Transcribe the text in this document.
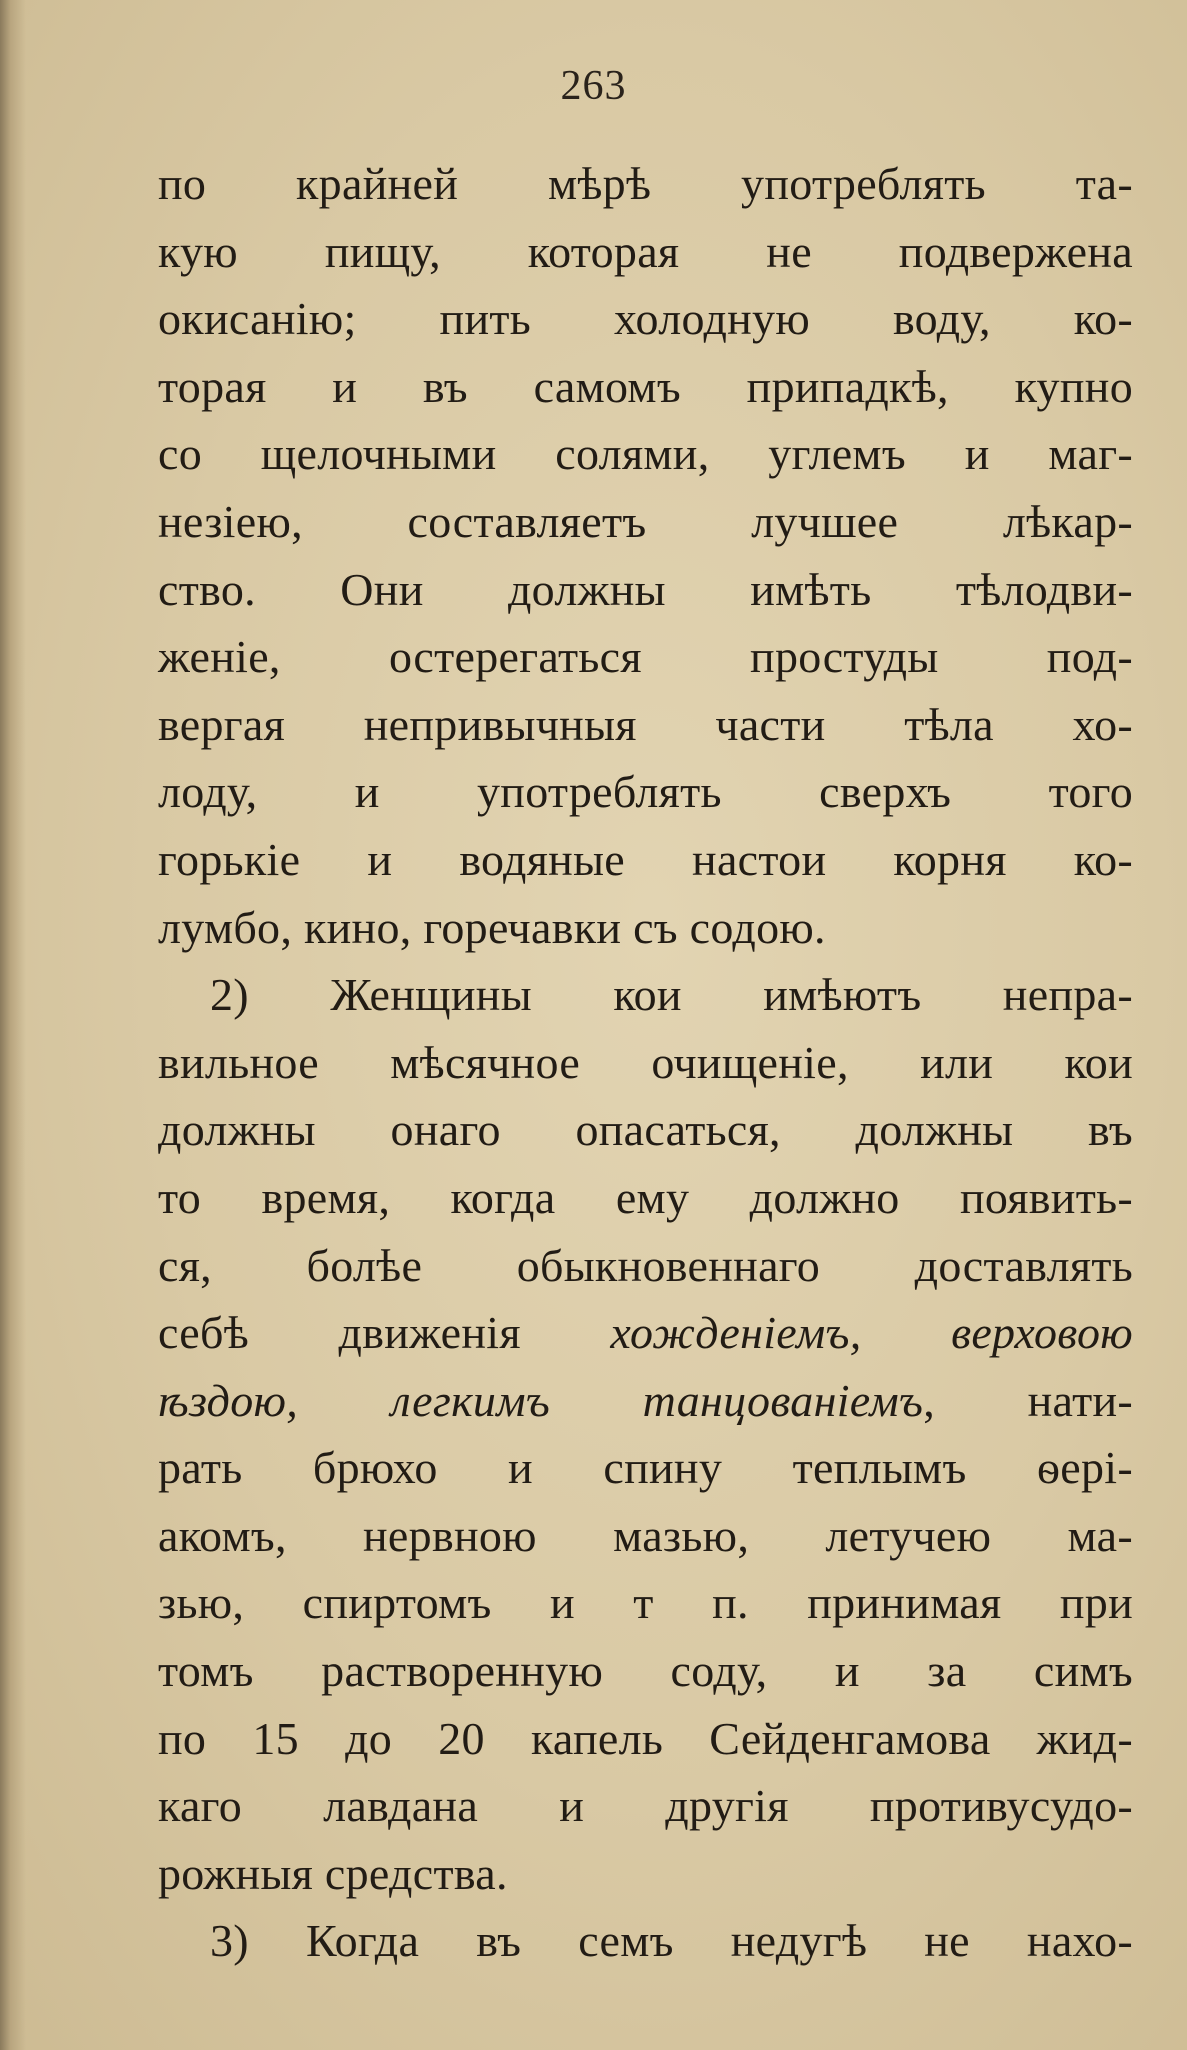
263
по крайней мѣрѣ употреблять та-
кую пищу, которая не подвержена
окисанію; пить холодную воду, ко-
торая и въ самомъ припадкѣ, купно
со щелочными солями, углемъ и маг-
незіею, составляетъ лучшее лѣкар-
ство. Они должны имѣть тѣлодви-
женіе, остерегаться простуды под-
вергая непривычныя части тѣла хо-
лоду, и употреблять сверхъ того
горькіе и водяные настои корня ко-
лумбо, кино, горечавки съ содою.
2) Женщины кои имѣютъ непра-
вильное мѣсячное очищеніе, или кои
должны онаго опасаться, должны въ
то время, когда ему должно появить-
ся, болѣе обыкновеннаго доставлять
себѣ движенія хожденіемъ, верховою
ѣздою, легкимъ танцованіемъ, нати-
рать брюхо и спину теплымъ ѳері-
акомъ, нервною мазью, летучею ма-
зью, спиртомъ и т п. принимая при
томъ растворенную соду, и за симъ
по 15 до 20 капель Сейденгамова жид-
каго лавдана и другія противусудо-
рожныя средства.
3) Когда въ семъ недугѣ не нахо-
